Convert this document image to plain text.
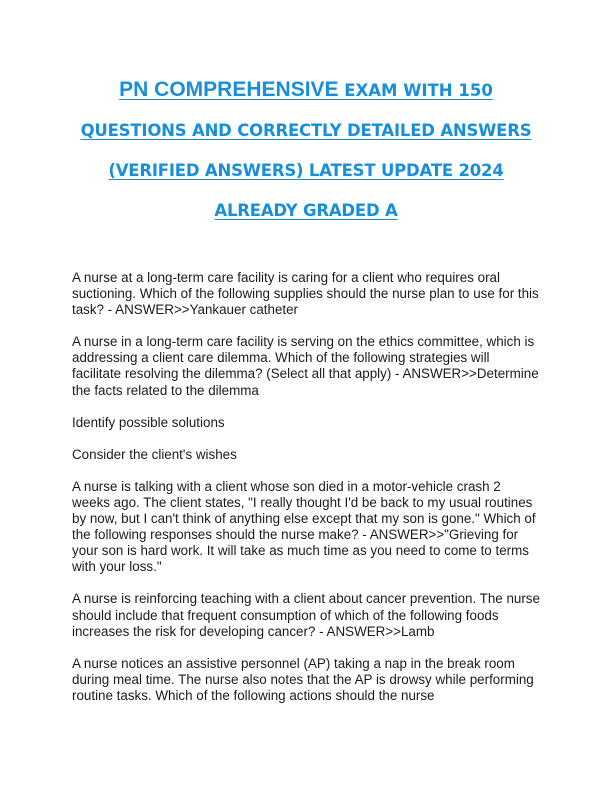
PN COMPREHENSIVE EXAM WITH 150
QUESTIONS AND CORRECTLY DETAILED ANSWERS
(VERIFIED ANSWERS) LATEST UPDATE 2024
ALREADY GRADED A

A nurse at a long-term care facility is caring for a client who requires oral suctioning. Which of the following supplies should the nurse plan to use for this task? - ANSWER>>Yankauer catheter

A nurse in a long-term care facility is serving on the ethics committee, which is addressing a client care dilemma. Which of the following strategies will facilitate resolving the dilemma? (Select all that apply) - ANSWER>>Determine the facts related to the dilemma

Identify possible solutions

Consider the client's wishes

A nurse is talking with a client whose son died in a motor-vehicle crash 2 weeks ago. The client states, "I really thought I'd be back to my usual routines by now, but I can't think of anything else except that my son is gone." Which of the following responses should the nurse make? - ANSWER>>"Grieving for your son is hard work. It will take as much time as you need to come to terms with your loss."

A nurse is reinforcing teaching with a client about cancer prevention. The nurse should include that frequent consumption of which of the following foods increases the risk for developing cancer? - ANSWER>>Lamb

A nurse notices an assistive personnel (AP) taking a nap in the break room during meal time. The nurse also notes that the AP is drowsy while performing routine tasks. Which of the following actions should the nurse
